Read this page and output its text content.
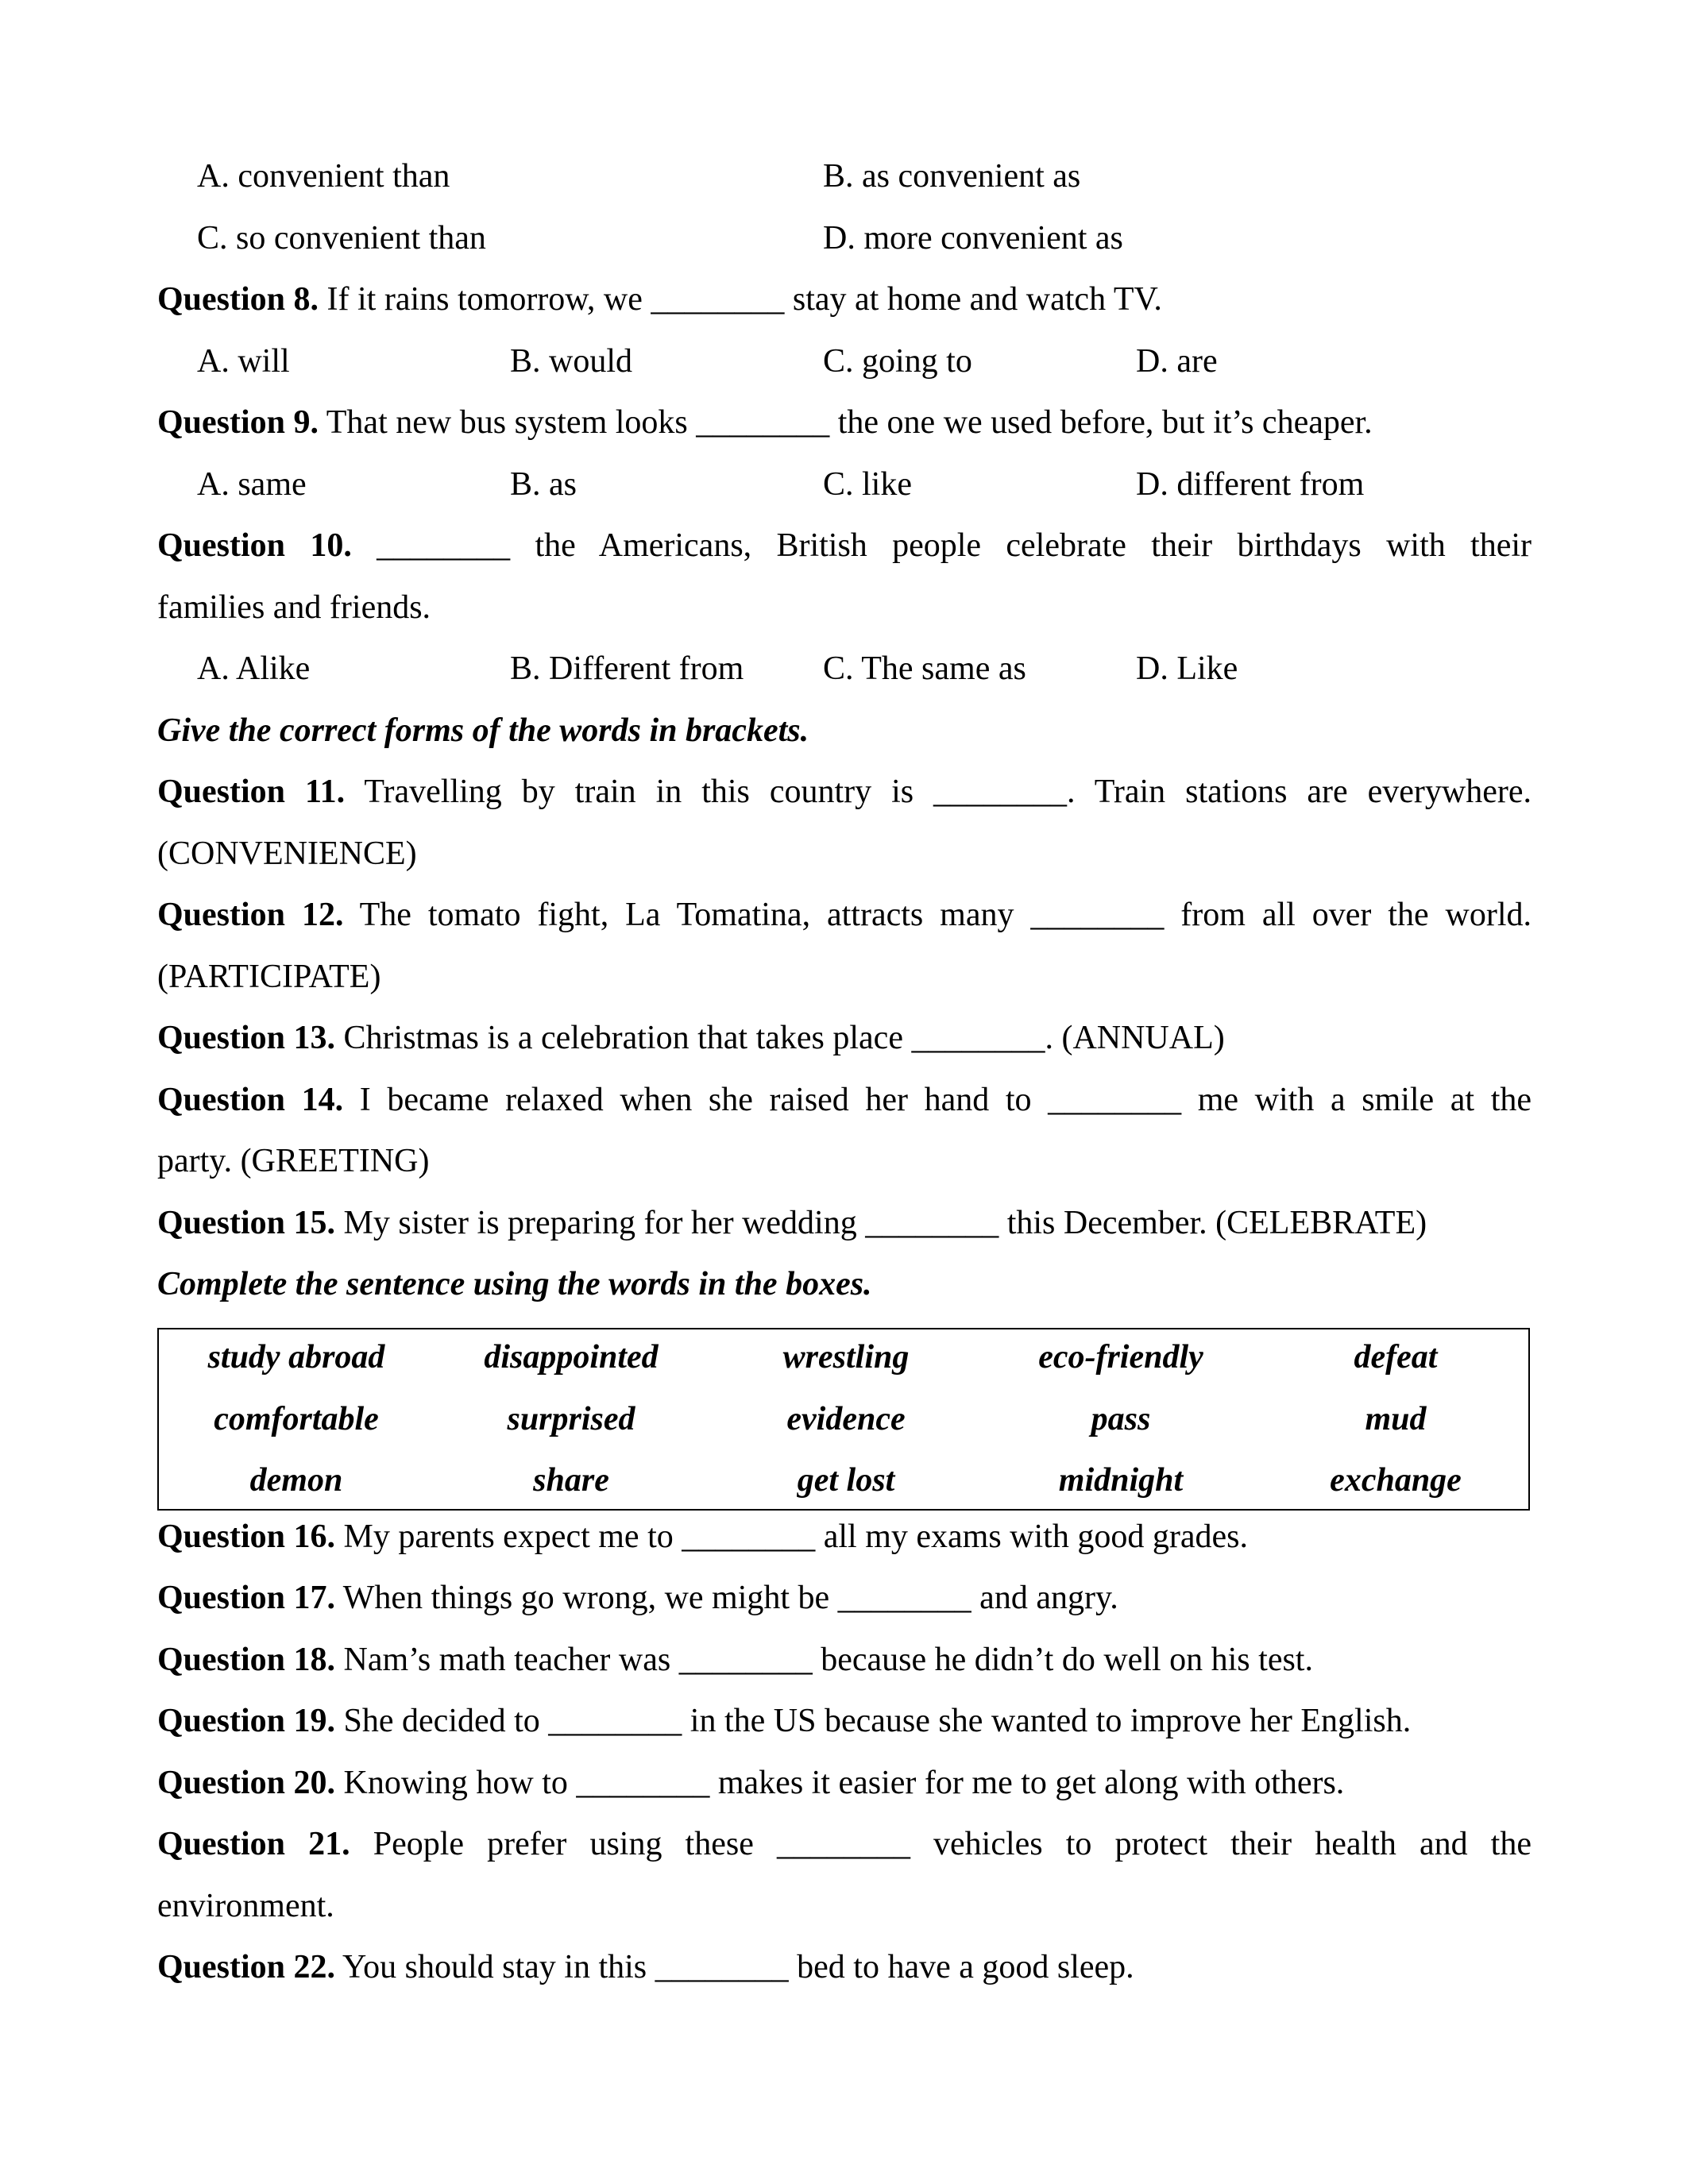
A. convenient than	B. as convenient as
C. so convenient than	D. more convenient as
Question 8. If it rains tomorrow, we ________ stay at home and watch TV.
A. will	B. would	C. going to	D. are
Question 9. That new bus system looks ________ the one we used before, but it’s cheaper.
A. same	B. as	C. like	D. different from
Question 10. ________ the Americans, British people celebrate their birthdays with their
families and friends.
A. Alike	B. Different from C. The same as	D. Like
Give the correct forms of the words in brackets.
Question 11. Travelling by train in this country is ________. Train stations are everywhere.
(CONVENIENCE)
Question 12. The tomato fight, La Tomatina, attracts many ________ from all over the world.
(PARTICIPATE)
Question 13. Christmas is a celebration that takes place ________. (ANNUAL)
Question 14. I became relaxed when she raised her hand to ________ me with a smile at the
party. (GREETING)
Question 15. My sister is preparing for her wedding ________ this December. (CELEBRATE)
Complete the sentence using the words in the boxes.
study abroad	disappointed	wrestling	eco-friendly	defeat
comfortable	surprised	evidence	pass	mud
demon	share	get lost	midnight	exchange
Question 16. My parents expect me to ________ all my exams with good grades.
Question 17. When things go wrong, we might be ________ and angry.
Question 18. Nam’s math teacher was ________ because he didn’t do well on his test.
Question 19. She decided to ________ in the US because she wanted to improve her English.
Question 20. Knowing how to ________ makes it easier for me to get along with others.
Question 21. People prefer using these ________ vehicles to protect their health and the
environment.
Question 22. You should stay in this ________ bed to have a good sleep.
